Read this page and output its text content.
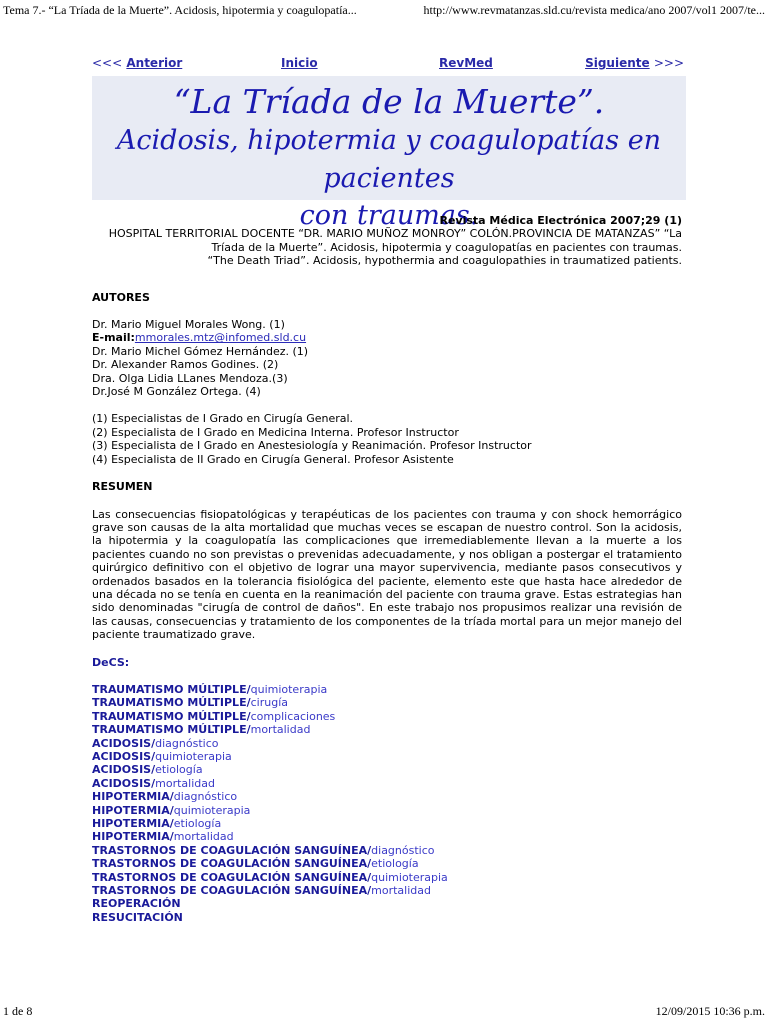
Tema 7.- “La Tríada de la Muerte”. Acidosis, hipotermia y coagulopatía...	http://www.revmatanzas.sld.cu/revista medica/ano 2007/vol1 2007/te...
<<< Anterior	Inicio	RevMed	Siguiente >>>
“La Tríada de la Muerte”.
Acidosis, hipotermia y coagulopatías en pacientes
con traumas.

Revista Médica Electrónica 2007;29 (1)

HOSPITAL TERRITORIAL DOCENTE “DR. MARIO MUÑOZ MONROY” COLÓN.PROVINCIA DE MATANZAS” “La Tríada de la Muerte”. Acidosis, hipotermia y coagulopatías en pacientes con traumas.

“The Death Triad”. Acidosis, hypothermia and coagulopathies in traumatized patients.

AUTORES

Dr. Mario Miguel Morales Wong. (1)

E-mail:mmorales.mtz@infomed.sld.cu

Dr. Mario Michel Gómez Hernández. (1)

Dr. Alexander Ramos Godines. (2)

Dra. Olga Lidia LLanes Mendoza.(3)

Dr.José M González Ortega. (4)

(1) Especialistas de I Grado en Cirugía General.

(2) Especialista de I Grado en Medicina Interna. Profesor Instructor

(3) Especialista de I Grado en Anestesiología y Reanimación. Profesor Instructor

(4) Especialista de II Grado en Cirugía General. Profesor Asistente

RESUMEN

Las consecuencias fisiopatológicas y terapéuticas de los pacientes con trauma y con shock hemorrágico grave son causas de la alta mortalidad que muchas veces se escapan de nuestro control. Son la acidosis, la hipotermia y la coagulopatía las complicaciones que irremediablemente llevan a la muerte a los pacientes cuando no son previstas o prevenidas adecuadamente, y nos obligan a postergar el tratamiento quirúrgico definitivo con el objetivo de lograr una mayor supervivencia, mediante pasos consecutivos y ordenados basados en la tolerancia fisiológica del paciente, elemento este que hasta hace alrededor de una década no se tenía en cuenta en la reanimación del paciente con trauma grave. Estas estrategias han sido denominadas "cirugía de control de daños". En este trabajo nos propusimos realizar una revisión de las causas, consecuencias y tratamiento de los componentes de la tríada mortal para un mejor manejo del paciente traumatizado grave.

DeCS:

TRAUMATISMO MÚLTIPLE/quimioterapia

TRAUMATISMO MÚLTIPLE/cirugía

TRAUMATISMO MÚLTIPLE/complicaciones

TRAUMATISMO MÚLTIPLE/mortalidad

ACIDOSIS/diagnóstico

ACIDOSIS/quimioterapia

ACIDOSIS/etiología

ACIDOSIS/mortalidad

HIPOTERMIA/diagnóstico

HIPOTERMIA/quimioterapia

HIPOTERMIA/etiología

HIPOTERMIA/mortalidad

TRASTORNOS DE COAGULACIÓN SANGUÍNEA/diagnóstico

TRASTORNOS DE COAGULACIÓN SANGUÍNEA/etiología

TRASTORNOS DE COAGULACIÓN SANGUÍNEA/quimioterapia

TRASTORNOS DE COAGULACIÓN SANGUÍNEA/mortalidad

REOPERACIÓN

RESUCITACIÓN

1 de 8	12/09/2015 10:36 p.m.
